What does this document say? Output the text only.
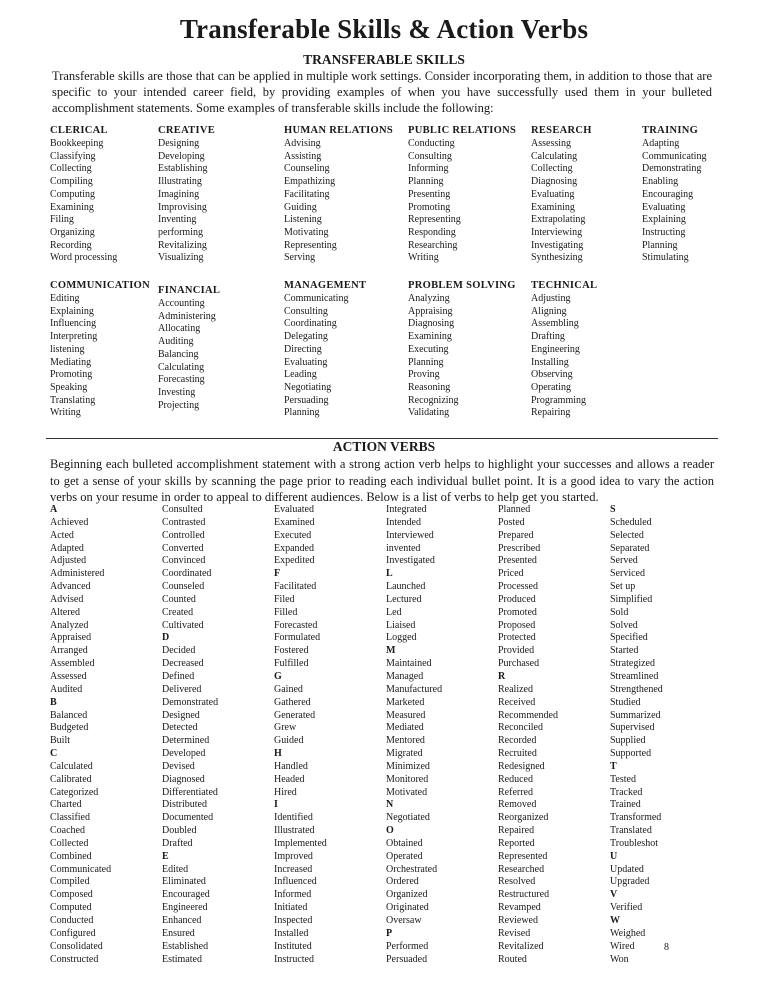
Transferable Skills & Action Verbs
TRANSFERABLE SKILLS
Transferable skills are those that can be applied in multiple work settings. Consider incorporating them, in addition to those that are specific to your intended career field, by providing examples of when you have successfully used them in your bulleted accomplishment statements. Some examples of transferable skills include the following:
CLERICAL
Bookkeeping
Classifying
Collecting
Compiling
Computing
Examining
Filing
Organizing
Recording
Word processing
CREATIVE
Designing
Developing
Establishing
Illustrating
Imagining
Improvising
Inventing
performing
Revitalizing
Visualizing
HUMAN RELATIONS
Advising
Assisting
Counseling
Empathizing
Facilitating
Guiding
Listening
Motivating
Representing
Serving
PUBLIC RELATIONS
Conducting
Consulting
Informing
Planning
Presenting
Promoting
Representing
Responding
Researching
Writing
RESEARCH
Assessing
Calculating
Collecting
Diagnosing
Evaluating
Examining
Extrapolating
Interviewing
Investigating
Synthesizing
TRAINING
Adapting
Communicating
Demonstrating
Enabling
Encouraging
Evaluating
Explaining
Instructing
Planning
Stimulating
COMMUNICATION
Editing
Explaining
Influencing
Interpreting
listening
Mediating
Promoting
Speaking
Translating
Writing
FINANCIAL
Accounting
Administering
Allocating
Auditing
Balancing
Calculating
Forecasting
Investing
Projecting
MANAGEMENT
Communicating
Consulting
Coordinating
Delegating
Directing
Evaluating
Leading
Negotiating
Persuading
Planning
PROBLEM SOLVING
Analyzing
Appraising
Diagnosing
Examining
Executing
Planning
Proving
Reasoning
Recognizing
Validating
TECHNICAL
Adjusting
Aligning
Assembling
Drafting
Engineering
Installing
Observing
Operating
Programming
Repairing
ACTION VERBS
Beginning each bulleted accomplishment statement with a strong action verb helps to highlight your successes and allows a reader to get a sense of your skills by scanning the page prior to reading each individual bullet point. It is a good idea to vary the action verbs on your resume in order to appeal to different audiences. Below is a list of verbs to help get you started.
A
Achieved
Acted
Adapted
Adjusted
Administered
Advanced
Advised
Altered
Analyzed
Appraised
Arranged
Assembled
Assessed
Audited
B
Balanced
Budgeted
Built
C
Calculated
Calibrated
Categorized
Charted
Classified
Coached
Collected
Combined
Communicated
Compiled
Composed
Computed
Conducted
Configured
Consolidated
Constructed
Consulted
Contrasted
Controlled
Converted
Convinced
Coordinated
Counseled
Counted
Created
Cultivated
D
Decided
Decreased
Defined
Delivered
Demonstrated
Designed
Detected
Determined
Developed
Devised
Diagnosed
Differentiated
Distributed
Documented
Doubled
Drafted
E
Edited
Eliminated
Encouraged
Engineered
Enhanced
Ensured
Established
Estimated
Evaluated
Examined
Executed
Expanded
Expedited
F
Facilitated
Filed
Filled
Forecasted
Formulated
Fostered
Fulfilled
G
Gained
Gathered
Generated
Grew
Guided
H
Handled
Headed
Hired
I
Identified
Illustrated
Implemented
Improved
Increased
Influenced
Informed
Initiated
Inspected
Installed
Instituted
Instructed
Integrated
Intended
Interviewed
invented
Investigated
L
Launched
Lectured
Led
Liaised
Logged
M
Maintained
Managed
Manufactured
Marketed
Measured
Mediated
Mentored
Migrated
Minimized
Monitored
Motivated
N
Negotiated
O
Obtained
Operated
Orchestrated
Ordered
Organized
Originated
Oversaw
P
Performed
Persuaded
Planned
Posted
Prepared
Prescribed
Presented
Priced
Processed
Produced
Promoted
Proposed
Protected
Provided
Purchased
R
Realized
Received
Recommended
Reconciled
Recorded
Recruited
Redesigned
Reduced
Referred
Removed
Reorganized
Repaired
Reported
Represented
Researched
Resolved
Restructured
Revamped
Reviewed
Revised
Revitalized
Routed
S
Scheduled
Selected
Separated
Served
Serviced
Set up
Simplified
Sold
Solved
Specified
Started
Strategized
Streamlined
Strengthened
Studied
Summarized
Supervised
Supplied
Supported
T
Tested
Tracked
Trained
Transformed
Translated
Troubleshot
U
Updated
Upgraded
V
Verified
W
Weighed
Wired
Won
8
